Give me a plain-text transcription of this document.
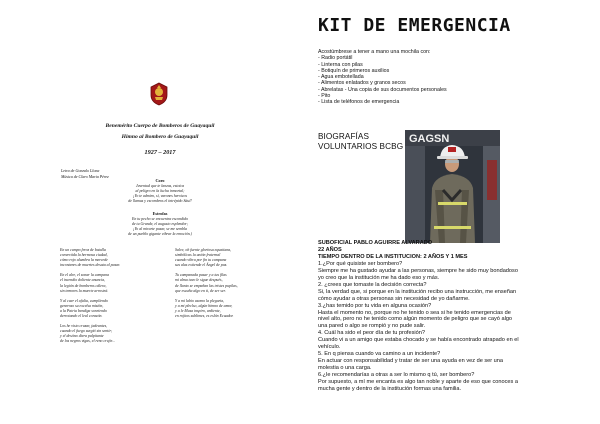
Benemérito Cuerpo de Bomberos de Guayaquil
Himno al Bombero de Guayaquil
1927 – 2017
Letra de Gonzalo Llona
Música de Claro Maria Pérez
Coro
Juventud que te lanzas, estoica
al peligro en la lucha inmortal;
¡Yo te admiro, sí, varones heroicos
de llamas y escombros el intrépido Sául!
Estrofas
En tu pecho se encuentra escondido
de tu Grande, el augusto esplendor;
¡Yo al mirarte pasar, se me sembla
de un pueblo gigante vibrar la emoción.)
En un campo feroz de batalla
convertida la hermosa ciudad,
cómo rojo alumbra la mercede
incontenes de muertes desata al pasar.
En el alre, el sonar la campana
el incendio doliente anuncia,
la legión de bomberos cálera,
sin temores la muerte arrostrá.
Y al caer el afalia, cumpliendo
generoso su excelsa misión,
a la Patria bendiga sonriendo
derrotando el leal corazón.
Los he visto cruzar, jadeantes,
cuando el fuego surgió sin sentir;
y el destino diera palpitante
de los negros vigas, el reno crujir...
Salve, oh fuente gloriosa equatiana,
simbólicas la unión fraternal
cuando vibra por fin tu campana
sus alas extiende el Ángel de paz.
Tu campanada pasar y a tus filas
mi alma tuvo le sigue después,
de llanto se empañan las tristes pupilas,
que escuña algo en ti, de ser ser.
Y a mi labio asomo la plegaria,
y a mi pleclso, algún himno de amor,
y a le Musa inspiro, ardiente,
en rojitos sublimes, es eslón Ecuador.
KIT DE EMERGENCIA
Acostúmbrese a tener a mano una mochila con:
- Radio portátil
- Linterna con pilas
- Botiquín de primeros auxilios
- Agua embotellada
- Alimentos enlatados y granos secos
- Abrelatas - Una copia de sus documentos personales
- Pito
- Lista de teléfonos de emergencia
BIOGRAFÍAS
VOLUNTARIOS BCBG
GAGSN
SUBOFICIAL PABLO AGUIRRE ALVARADO
22 AÑOS
TIEMPO DENTRO DE LA INSTITUCION: 2 AÑOS Y 1 MES
1.¿Por qué quisiste ser bombero?
Siempre me ha gustado ayudar a las personas, siempre he sido muy bondadoso
yo creo que la institución me ha dado eso y más.
2. ¿crees que tomaste la decisión correcta?
Si, la verdad que, si porque en la institución recibo una instrucción, me enseñan
cómo ayudar a otras personas sin necesidad de yo dañarme.
3.¿has temido por tu vida en alguna ocasión?
Hasta el momento no, porque no he tenido o sea si he tenido emergencias de
nivel alto, pero no he tenido como algún momento de peligro que se cayó algo
una pared o algo se rompió y no pude salir.
4. Cuál ha sido el peor día de tu profesión?
Cuando vi a un amigo que estaba chocado y se había encontrado atrapado en el
vehículo.
5. En q piensa cuando va camino a un incidente?
En actuar con responsabilidad y tratar de ser una ayuda en vez de ser una
molestia o una carga.
6.¿le recomendarías a otras a ser lo mismo q tú, ser bombero?
Por supuesto, a mí me encanta es algo tan noble y aparte de eso que conoces a
mucha gente y dentro de la institución formas una familia.
